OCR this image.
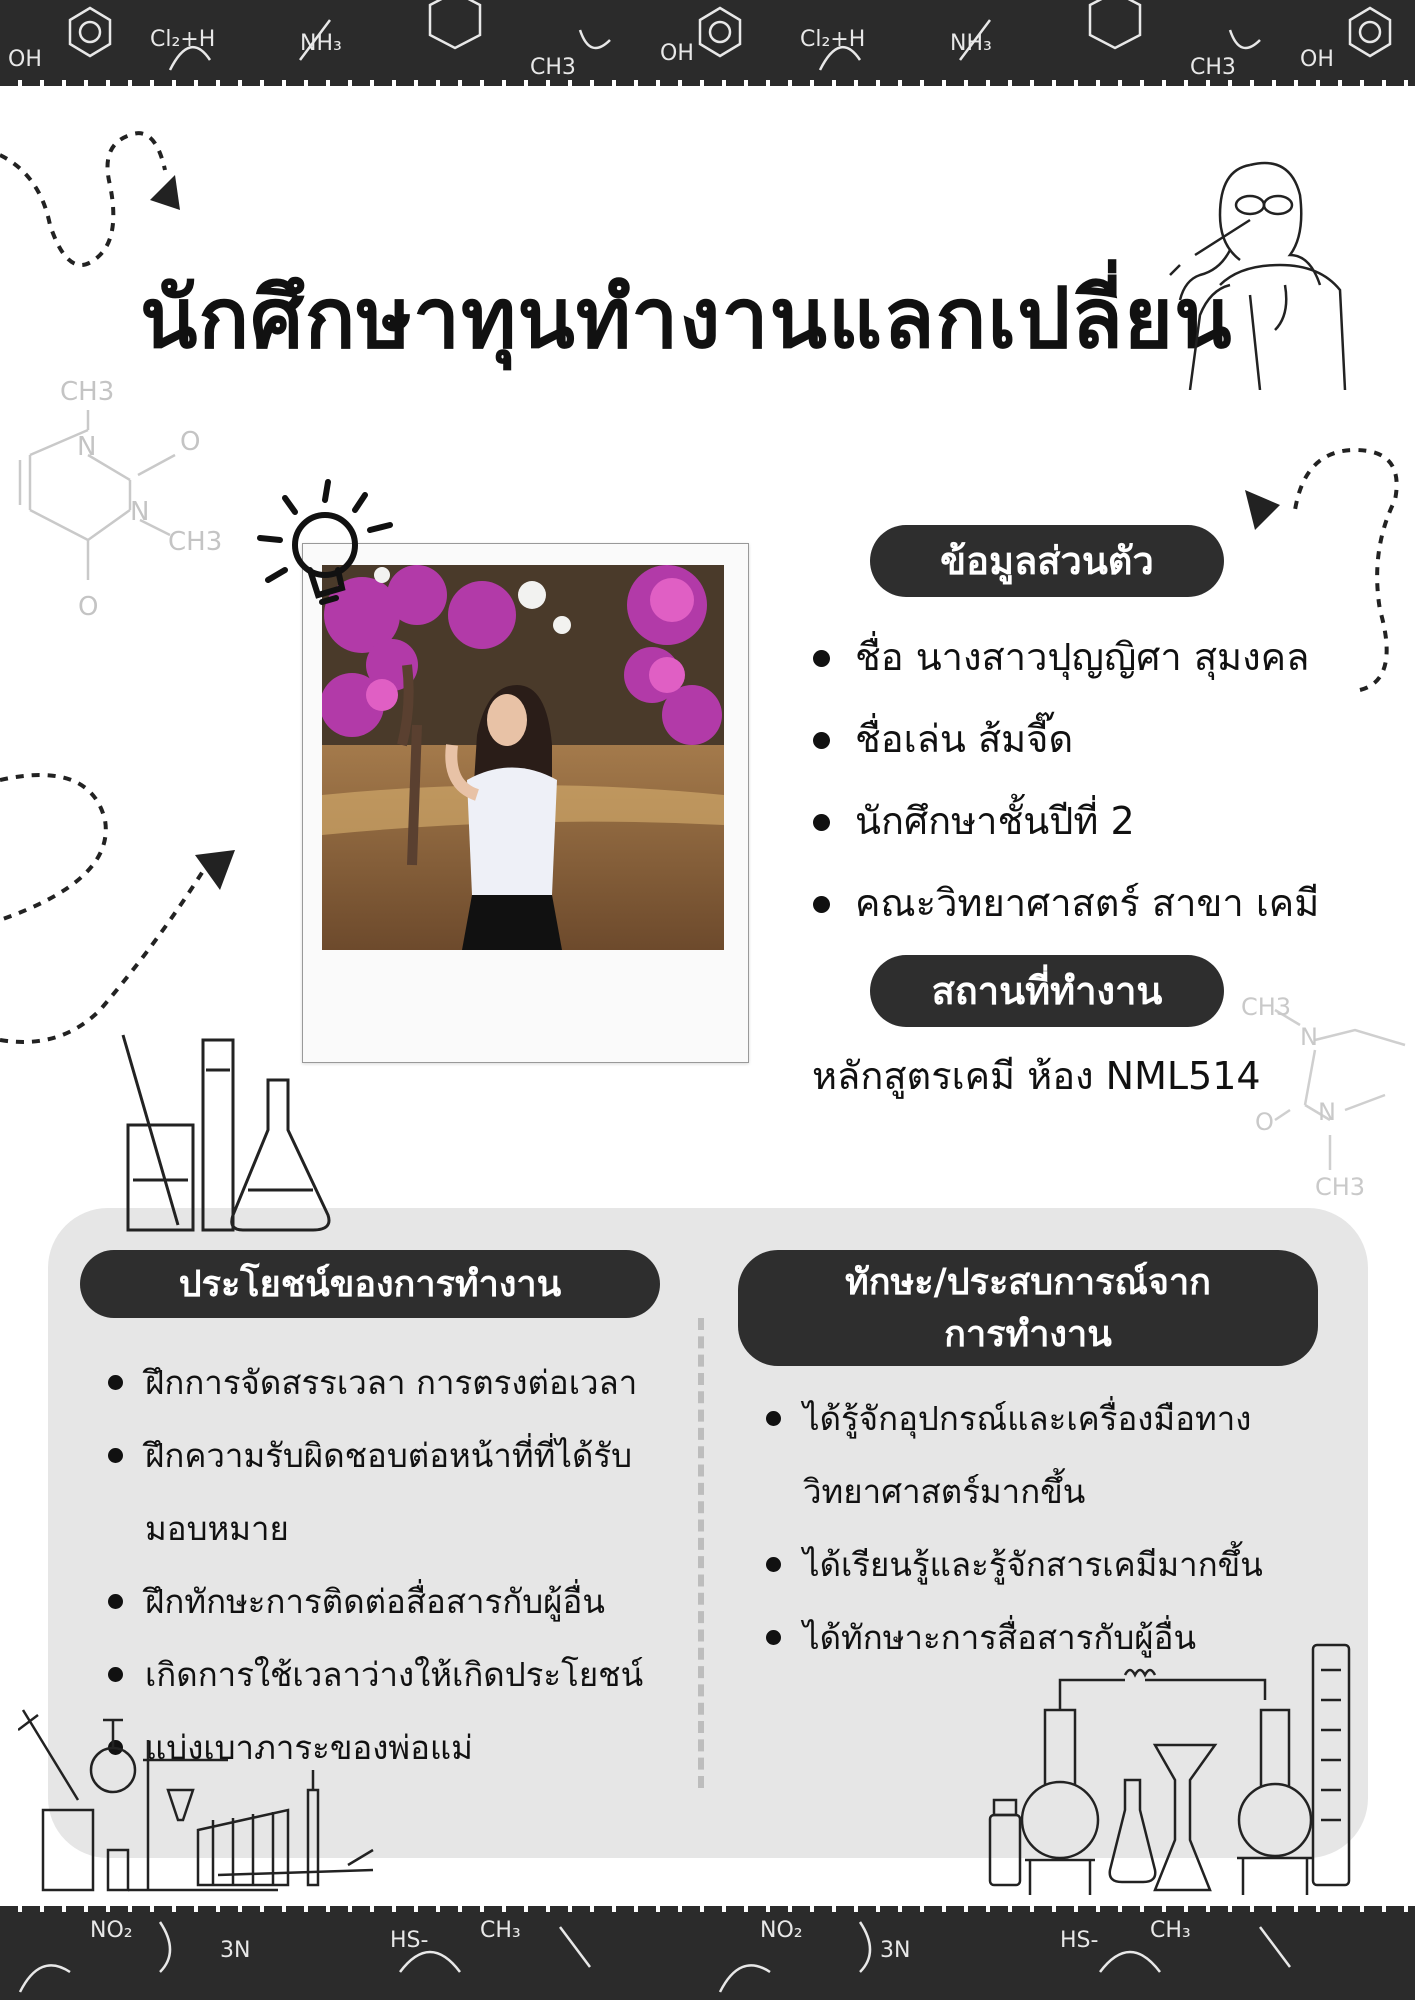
OH
Cl₂+H	NH₃
CH3
OH
Cl₂+H	NH₃
CH3	OH
CH3
N	O
N
CH3
O
CH3
N
O N
CH3
นักศึกษาทุนทำงานแลกเปลี่ยน
ข้อมูลส่วนตัว
ชื่อ นางสาวปุญญิศา สุมงคล
ชื่อเล่น ส้มจี๊ด
นักศึกษาชั้นปีที่ 2
คณะวิทยาศาสตร์ สาขา เคมี
สถานที่ทำงาน
หลักสูตรเคมี ห้อง NML514
ประโยชน์ของการทำงาน	ทักษะ/ประสบการณ์จาก
การทำงาน
ฝึกการจัดสรรเวลา การตรงต่อเวลา
ฝึกความรับผิดชอบต่อหน้าที่ที่ได้รับ
มอบหมาย
ฝึกทักษะการติดต่อสื่อสารกับผู้อื่น
เกิดการใช้เวลาว่างให้เกิดประโยชน์
แบ่งเบาภาระของพ่อแม่
ได้รู้จักอุปกรณ์และเครื่องมือทาง
วิทยาศาสตร์มากขึ้น
ได้เรียนรู้และรู้จักสารเคมีมากขึ้น
ได้ทักษาะการสื่อสารกับผู้อื่น
NO₂
3N	HS- CH₃	NO₂
3N	HS- CH₃
